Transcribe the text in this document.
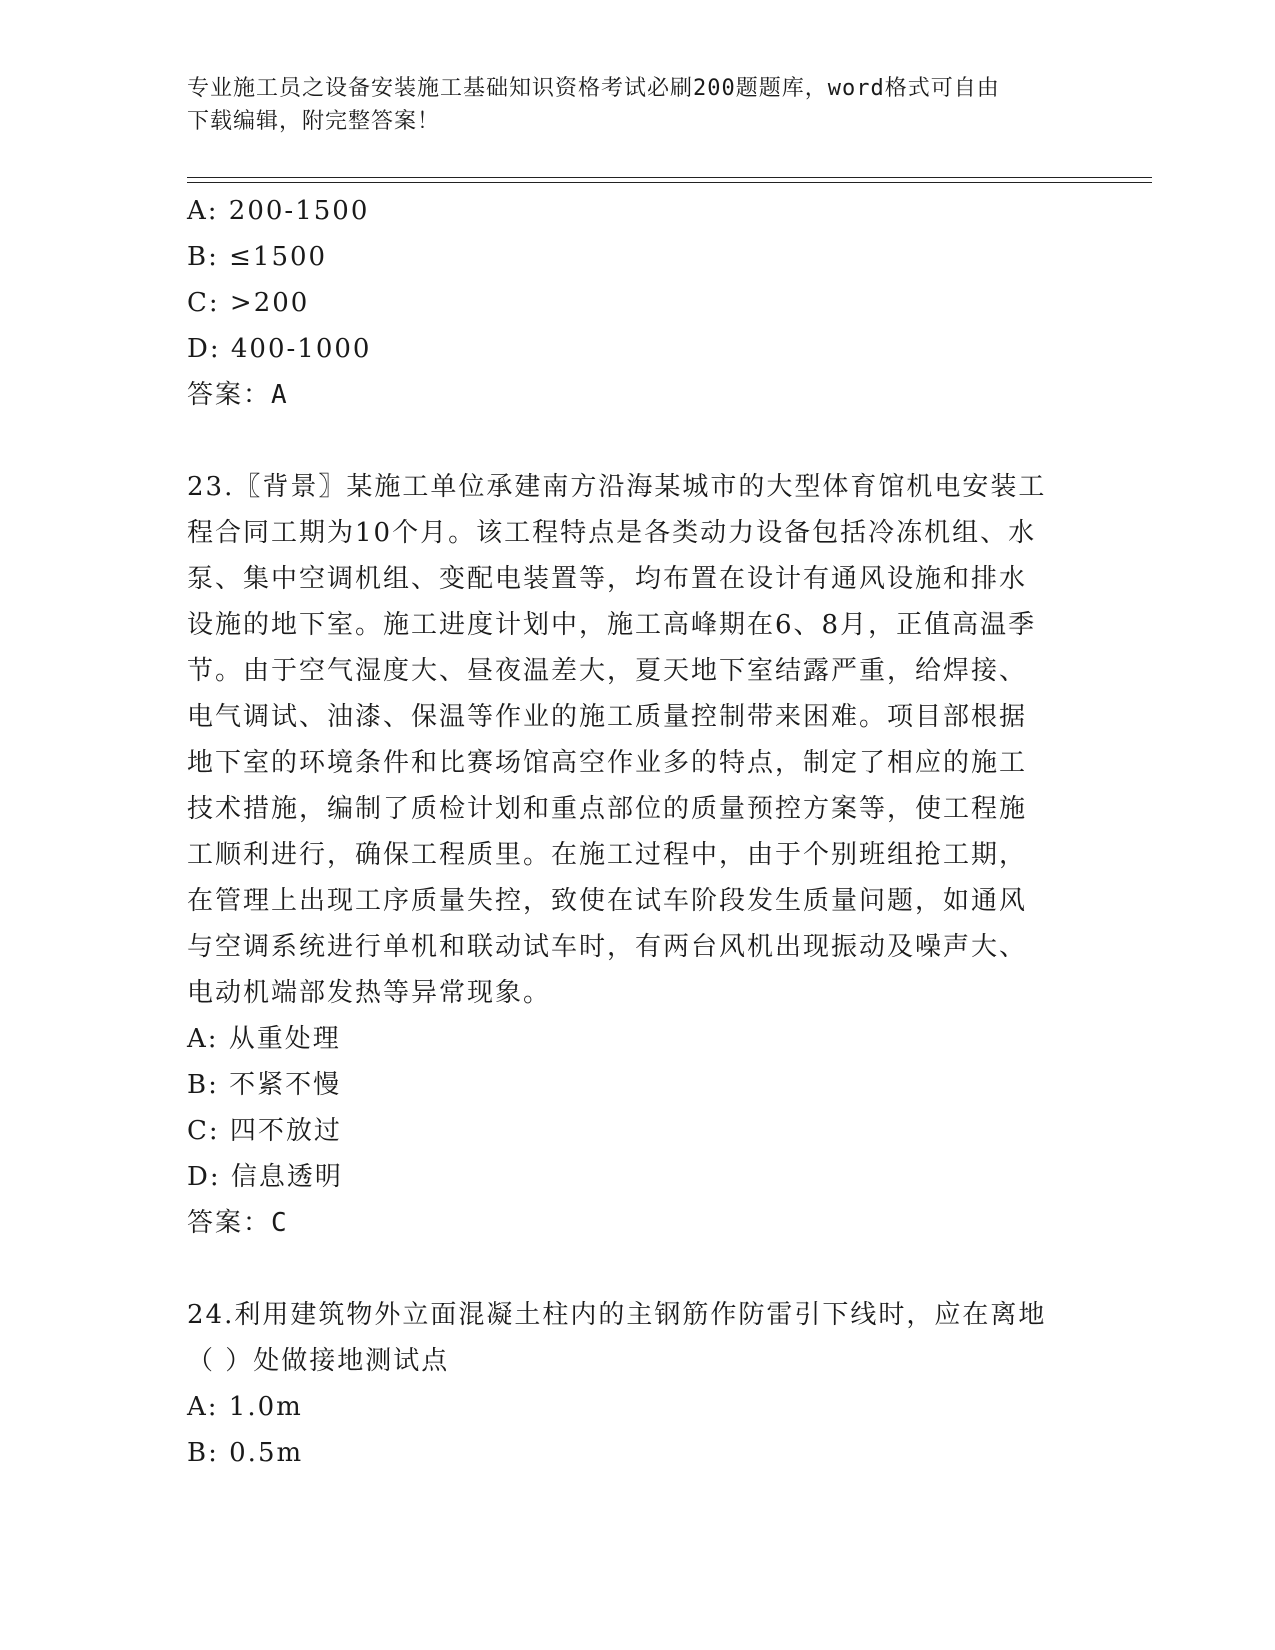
专业施工员之设备安装施工基础知识资格考试必刷200题题库，word格式可自由
下载编辑，附完整答案！
A: 200-1500
B: ≤1500
C: >200
D: 400-1000
答案：A
23.〖背景〗某施工单位承建南方沿海某城市的大型体育馆机电安装工
程合同工期为10个月。该工程特点是各类动力设备包括冷冻机组、水
泵、集中空调机组、变配电装置等，均布置在设计有通风设施和排水
设施的地下室。施工进度计划中，施工高峰期在6、8月，正值高温季
节。由于空气湿度大、昼夜温差大，夏天地下室结露严重，给焊接、
电气调试、油漆、保温等作业的施工质量控制带来困难。项目部根据
地下室的环境条件和比赛场馆高空作业多的特点，制定了相应的施工
技术措施，编制了质检计划和重点部位的质量预控方案等，使工程施
工顺利进行，确保工程质里。在施工过程中，由于个别班组抢工期，
在管理上出现工序质量失控，致使在试车阶段发生质量问题，如通风
与空调系统进行单机和联动试车时，有两台风机出现振动及噪声大、
电动机端部发热等异常现象。
A: 从重处理
B: 不紧不慢
C: 四不放过
D: 信息透明
答案：C
24.利用建筑物外立面混凝土柱内的主钢筋作防雷引下线时，应在离地
（ ）处做接地测试点
A: 1.0m
B: 0.5m
